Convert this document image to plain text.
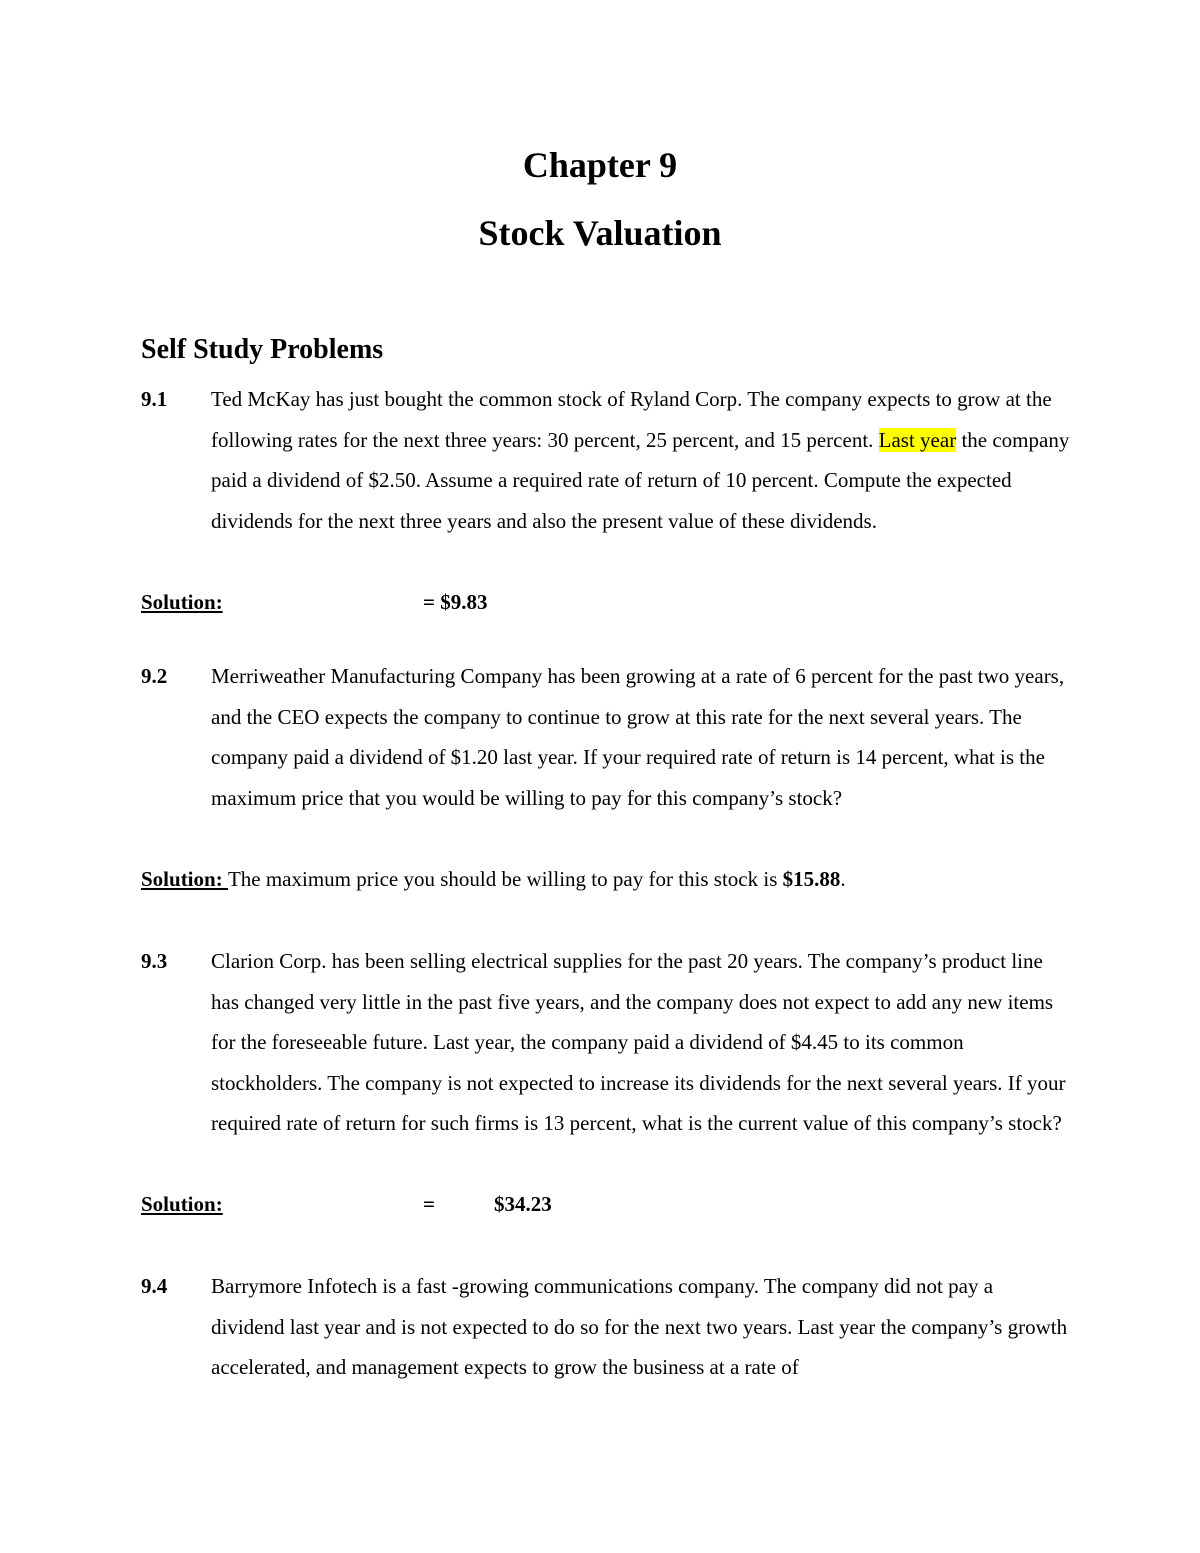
Chapter 9
Stock Valuation
Self Study Problems
9.1 Ted McKay has just bought the common stock of Ryland Corp. The company expects to grow at the following rates for the next three years: 30 percent, 25 percent, and 15 percent. Last year the company paid a dividend of $2.50. Assume a required rate of return of 10 percent. Compute the expected dividends for the next three years and also the present value of these dividends.
Solution:	= $9.83
9.2 Merriweather Manufacturing Company has been growing at a rate of 6 percent for the past two years, and the CEO expects the company to continue to grow at this rate for the next several years. The company paid a dividend of $1.20 last year. If your required rate of return is 14 percent, what is the maximum price that you would be willing to pay for this company’s stock?
Solution: The maximum price you should be willing to pay for this stock is $15.88.
9.3 Clarion Corp. has been selling electrical supplies for the past 20 years. The company’s product line has changed very little in the past five years, and the company does not expect to add any new items for the foreseeable future. Last year, the company paid a dividend of $4.45 to its common stockholders. The company is not expected to increase its dividends for the next several years. If your required rate of return for such firms is 13 percent, what is the current value of this company’s stock?
Solution:	=	$34.23
9.4 Barrymore Infotech is a fast -growing communications company. The company did not pay a dividend last year and is not expected to do so for the next two years. Last year the company’s growth accelerated, and management expects to grow the business at a rate of
